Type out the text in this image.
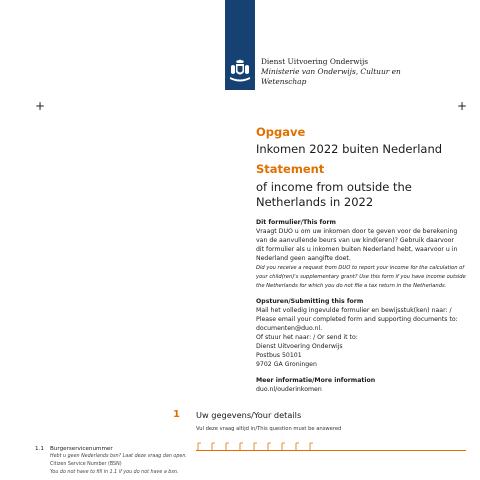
Dienst Uitvoering Onderwijs
Ministerie van Onderwijs, Cultuur en
Wetenschap
+	+
Opgave
Inkomen 2022 buiten Nederland
Statement
of income from outside the
Netherlands in 2022
Dit formulier/This form
Vraagt DUO u om uw inkomen door te geven voor de berekening
van de aanvullende beurs van uw kind(eren)? Gebruik daarvoor
dit formulier als u inkomen buiten Nederland hebt, waarvoor u in
Nederland geen aangifte doet.
Did you receive a request from DUO to report your income for the calculation of
your child(ren)'s supplementary grant? Use this form if you have income outside
the Netherlands for which you do not file a tax return in the Netherlands.
Opsturen/Submitting this form
Mail het volledig ingevulde formulier en bewijsstuk(ken) naar: /
Please email your completed form and supporting documents to:
documenten@duo.nl.
Of stuur het naar: / Or send it to:
Dienst Uitvoering Onderwijs
Postbus 50101
9702 GA Groningen
Meer informatie/More information
duo.nl/ouderinkomen
1 Uw gegevens/Your details
Vul deze vraag altijd in/This question must be answered
1.1 Burgerservicenummer
Hebt u geen Nederlands bsn? Laat deze vraag dan open.
Citizen Service Number (BSN)
You do not have to fill in 1.1 if you do not have a bsn.
